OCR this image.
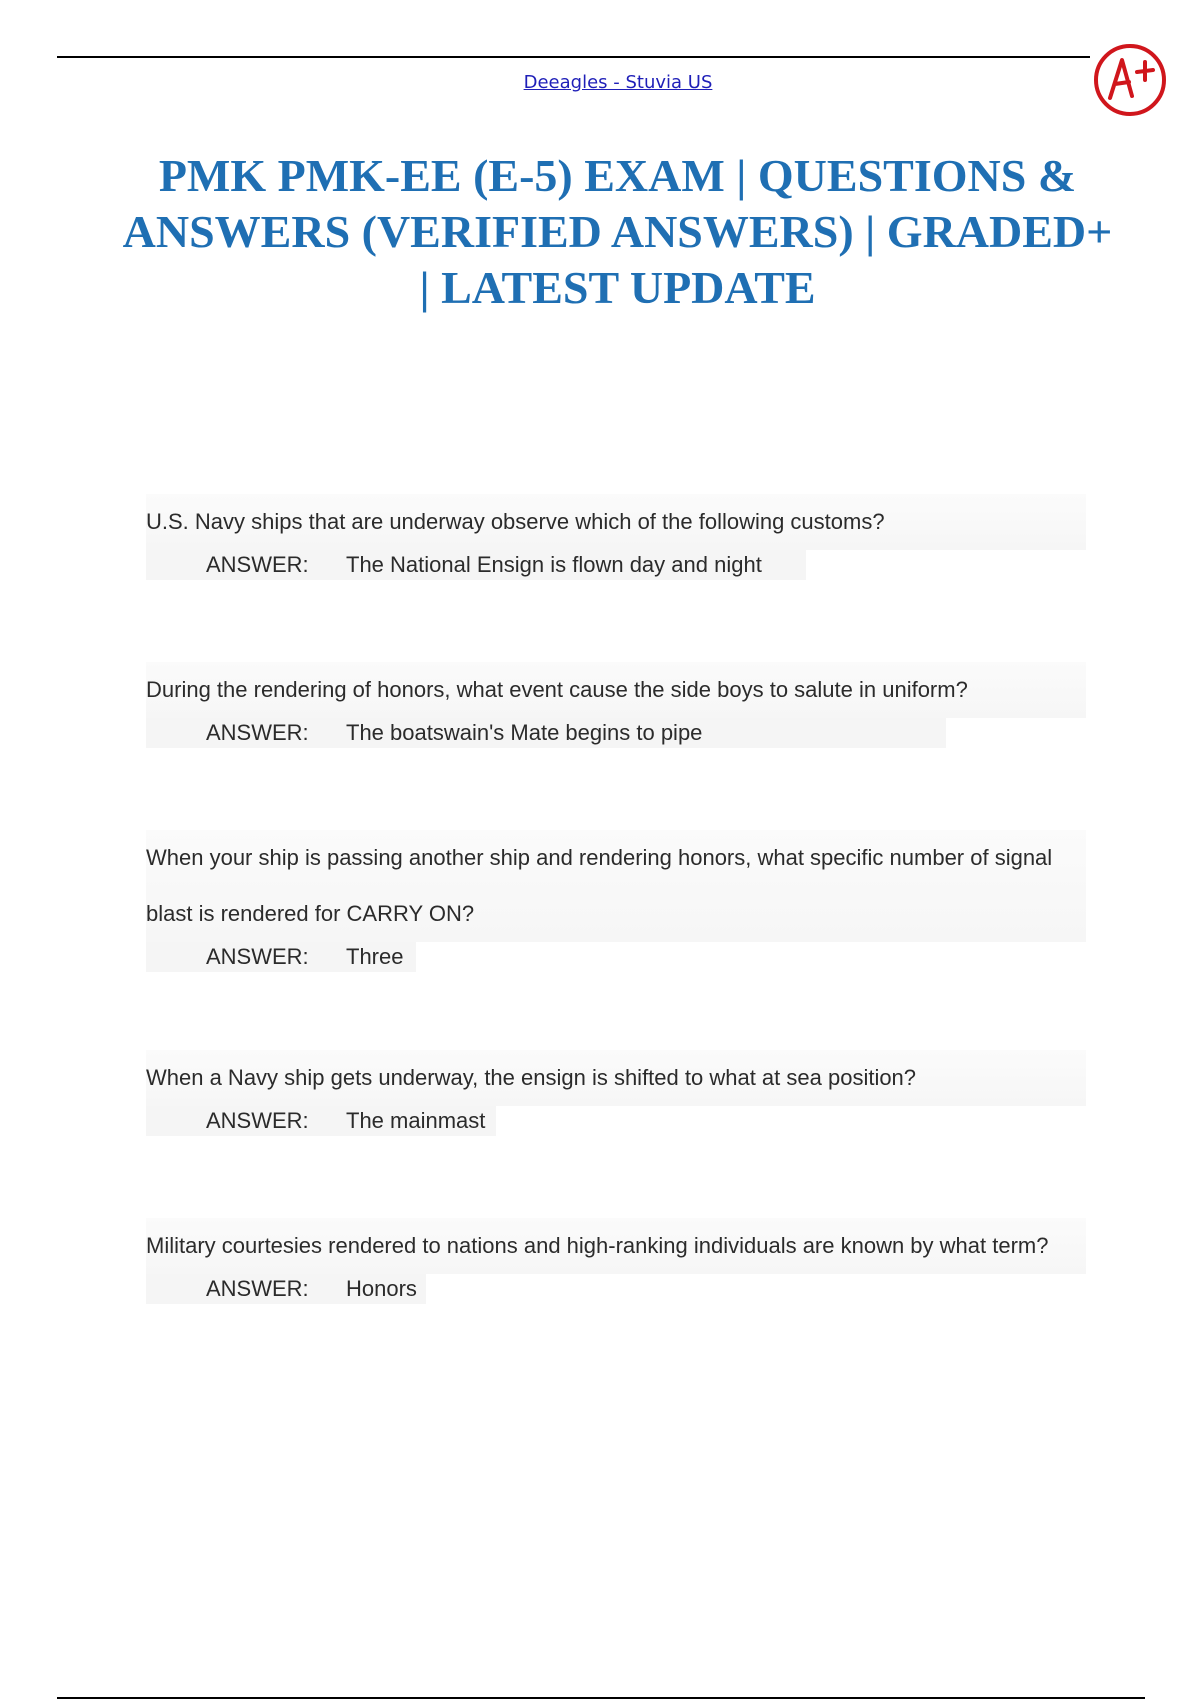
Deeagles - Stuvia US
PMK PMK-EE (E-5) EXAM | QUESTIONS & ANSWERS (VERIFIED ANSWERS) | GRADED+ | LATEST UPDATE

U.S. Navy ships that are underway observe which of the following customs?

ANSWER: The National Ensign is flown day and night

During the rendering of honors, what event cause the side boys to salute in uniform?

ANSWER: The boatswain's Mate begins to pipe

When your ship is passing another ship and rendering honors, what specific number of signal blast is rendered for CARRY ON?

ANSWER: Three

When a Navy ship gets underway, the ensign is shifted to what at sea position?

ANSWER: The mainmast

Military courtesies rendered to nations and high-ranking individuals are known by what term?

ANSWER: Honors
